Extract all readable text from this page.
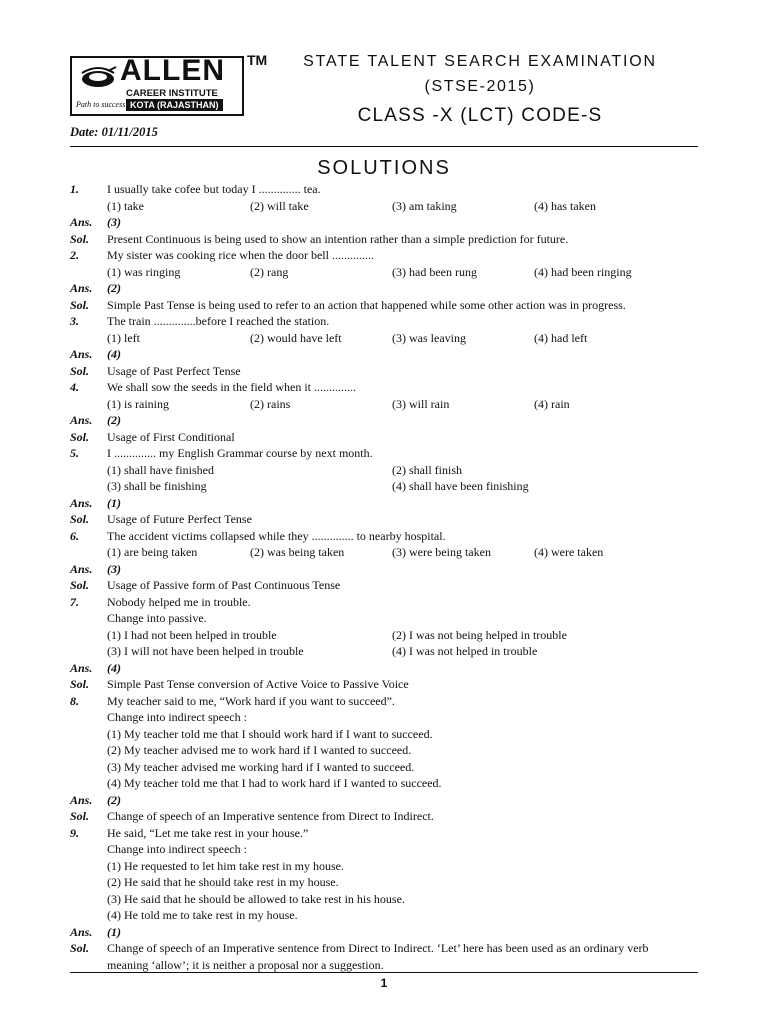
ALLEN
CAREER INSTITUTE
Path to success KOTA (RAJASTHAN)
TM	STATE TALENT SEARCH EXAMINATION
(STSE-2015)
CLASS -X (LCT) CODE-S
Date: 01/11/2015
SOLUTIONS
1. I usually take cofee but today I .............. tea.
(1) take	(2) will take	(3) am taking	(4) has taken
Ans. (3)
Sol. Present Continuous is being used to show an intention rather than a simple prediction for future.
2. My sister was cooking rice when the door bell ..............
(1) was ringing	(2) rang	(3) had been rung	(4) had been ringing
Ans. (2)
Sol. Simple Past Tense is being used to refer to an action that happened while some other action was in progress.
3. The train ..............before I reached the station.
(1) left	(2) would have left	(3) was leaving	(4) had left
Ans. (4)
Sol. Usage of Past Perfect Tense
4. We shall sow the seeds in the field when it ..............
(1) is raining	(2) rains	(3) will rain	(4) rain
Ans. (2)
Sol. Usage of First Conditional
5. I .............. my English Grammar course by next month.
(1) shall have finished	(2) shall finish
(3) shall be finishing	(4) shall have been finishing
Ans. (1)
Sol. Usage of Future Perfect Tense
6. The accident victims collapsed while they .............. to nearby hospital.
(1) are being taken	(2) was being taken	(3) were being taken	(4) were taken
Ans. (3)
Sol. Usage of Passive form of Past Continuous Tense
7. Nobody helped me in trouble.
Change into passive.
(1) I had not been helped in trouble	(2) I was not being helped in trouble
(3) I will not have been helped in trouble	(4) I was not helped in trouble
Ans. (4)
Sol. Simple Past Tense conversion of Active Voice to Passive Voice
8. My teacher said to me, “Work hard if you want to succeed”.
Change into indirect speech :
(1) My teacher told me that I should work hard if I want to succeed.
(2) My teacher advised me to work hard if I wanted to succeed.
(3) My teacher advised me working hard if I wanted to succeed.
(4) My teacher told me that I had to work hard if I wanted to succeed.
Ans. (2)
Sol. Change of speech of an Imperative sentence from Direct to Indirect.
9. He said, “Let me take rest in your house.”
Change into indirect speech :
(1) He requested to let him take rest in my house.
(2) He said that he should take rest in my house.
(3) He said that he should be allowed to take rest in his house.
(4) He told me to take rest in my house.
Ans. (1)
Sol. Change of speech of an Imperative sentence from Direct to Indirect. ‘Let’ here has been used as an ordinary verb
meaning ‘allow’; it is neither a proposal nor a suggestion.
1
